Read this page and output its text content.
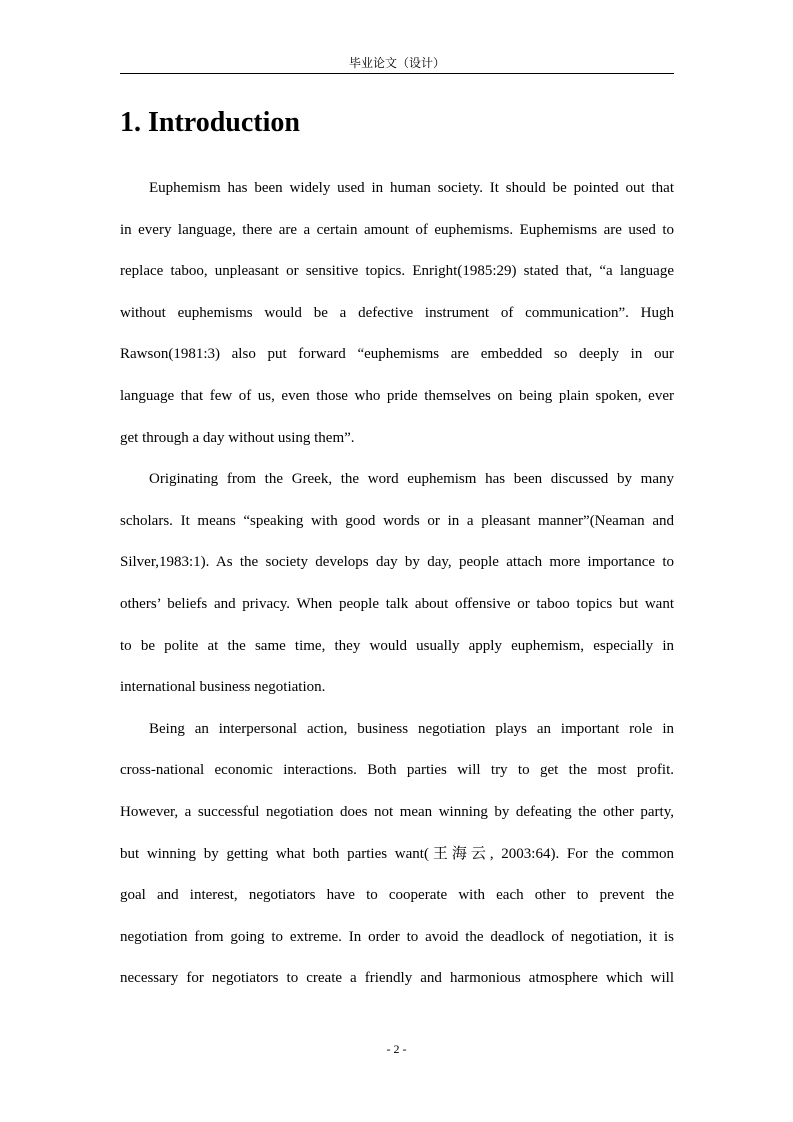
毕业论文（设计）
1. Introduction
Euphemism has been widely used in human society. It should be pointed out that
in every language, there are a certain amount of euphemisms. Euphemisms are used to
replace taboo, unpleasant or sensitive topics. Enright(1985:29) stated that, “a language
without euphemisms would be a defective instrument of communication”. Hugh
Rawson(1981:3) also put forward “euphemisms are embedded so deeply in our
language that few of us, even those who pride themselves on being plain spoken, ever
get through a day without using them”.
Originating from the Greek, the word euphemism has been discussed by many
scholars. It means “speaking with good words or in a pleasant manner”(Neaman and
Silver,1983:1). As the society develops day by day, people attach more importance to
others’ beliefs and privacy. When people talk about offensive or taboo topics but want
to be polite at the same time, they would usually apply euphemism, especially in
international business negotiation.
Being an interpersonal action, business negotiation plays an important role in
cross-national economic interactions. Both parties will try to get the most profit.
However, a successful negotiation does not mean winning by defeating the other party,
but winning by getting what both parties want(王海云, 2003:64). For the common
goal and interest, negotiators have to cooperate with each other to prevent the
negotiation from going to extreme. In order to avoid the deadlock of negotiation, it is
necessary for negotiators to create a friendly and harmonious atmosphere which will
- 2 -
